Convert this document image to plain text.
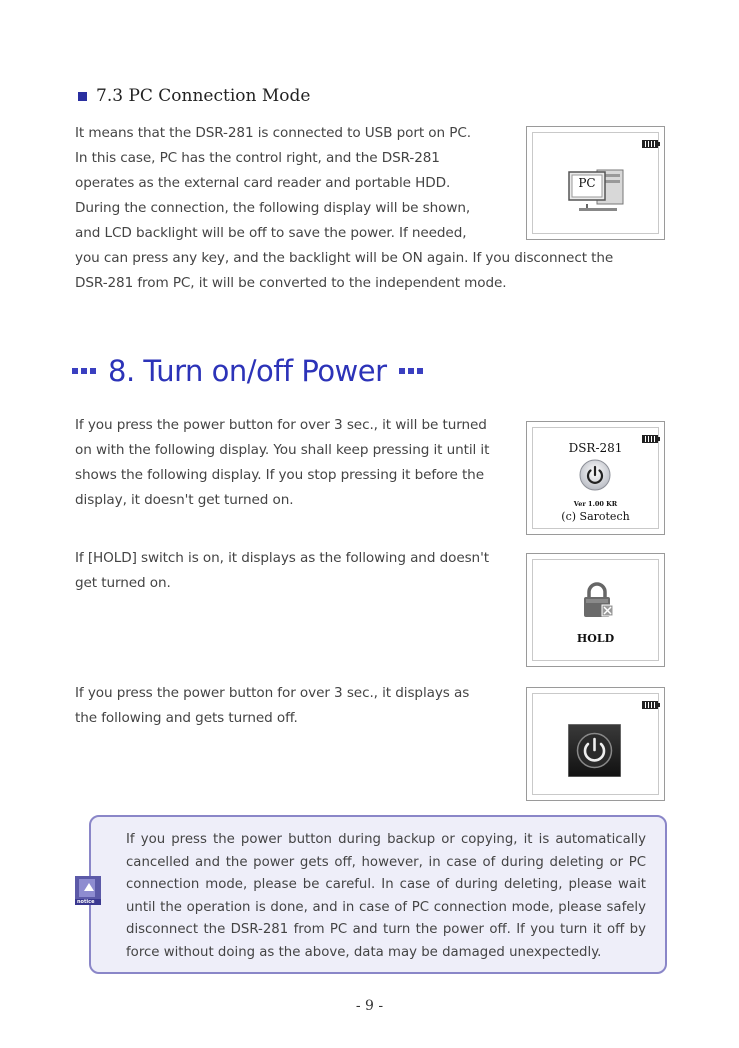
7.3 PC Connection Mode
It means that the DSR-281 is connected to USB port on PC.
In this case, PC has the control right, and the DSR-281
operates as the external card reader and portable HDD.
During the connection, the following display will be shown,
and LCD backlight will be off to save the power. If needed,
you can press any key, and the backlight will be ON again. If you disconnect the
DSR-281 from PC, it will be converted to the independent mode.
PC
8. Turn on/off Power
If you press the power button for over 3 sec., it will be turned
on with the following display. You shall keep pressing it until it
shows the following display. If you stop pressing it before the
display, it doesn't get turned on.
DSR-281
Ver 1.00 KR
(c) Sarotech
If [HOLD] switch is on, it displays as the following and doesn't
get turned on.
HOLD
If you press the power button for over 3 sec., it displays as
the following and gets turned off.
notice
If you press the power button during backup or copying, it is automatically
cancelled and the power gets off, however, in case of during deleting or PC
connection mode, please be careful. In case of during deleting, please wait
until the operation is done, and in case of PC connection mode, please safely
disconnect the DSR-281 from PC and turn the power off. If you turn it off by
force without doing as the above, data may be damaged unexpectedly.
- 9 -
